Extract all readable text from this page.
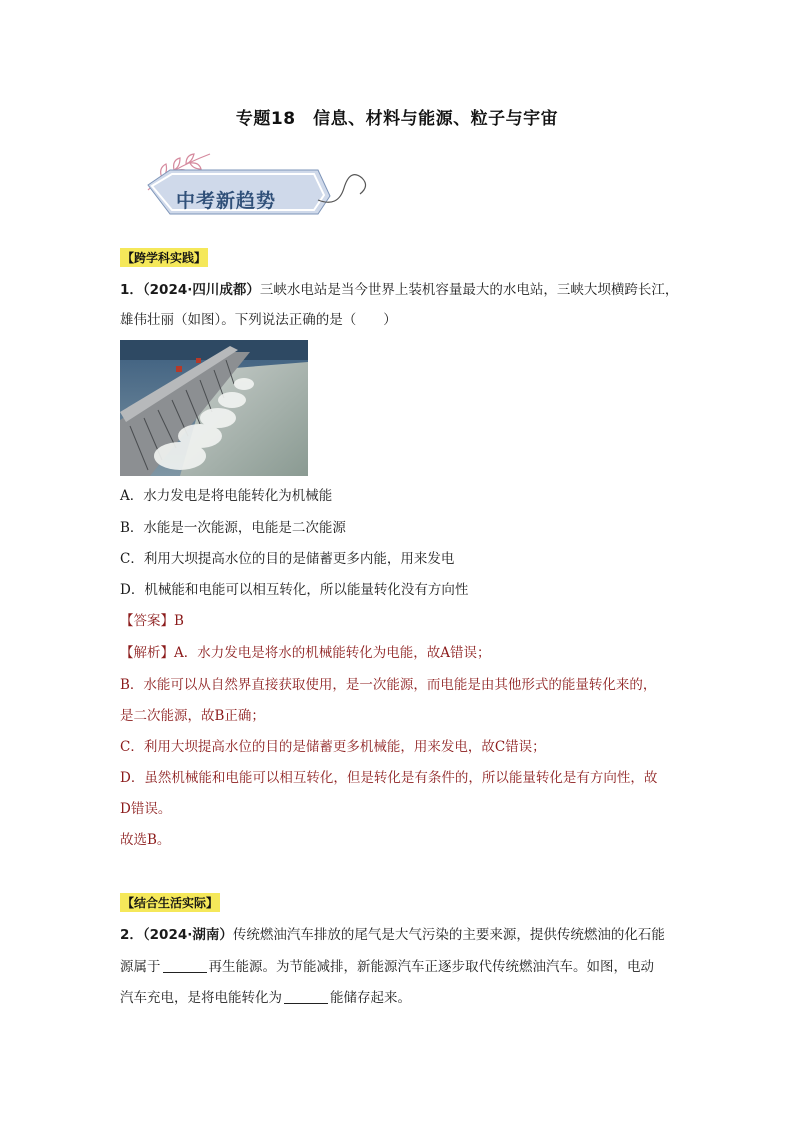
专题18　信息、材料与能源、粒子与宇宙
中考新趋势
【跨学科实践】
1．（2024·四川成都）三峡水电站是当今世界上装机容量最大的水电站，三峡大坝横跨长江，
雄伟壮丽（如图）。下列说法正确的是（　　）
A．水力发电是将电能转化为机械能
B．水能是一次能源，电能是二次能源
C．利用大坝提高水位的目的是储蓄更多内能，用来发电
D．机械能和电能可以相互转化，所以能量转化没有方向性
【答案】B
【解析】A．水力发电是将水的机械能转化为电能，故A错误；
B．水能可以从自然界直接获取使用，是一次能源，而电能是由其他形式的能量转化来的，
是二次能源，故B正确；
C．利用大坝提高水位的目的是储蓄更多机械能，用来发电，故C错误；
D．虽然机械能和电能可以相互转化，但是转化是有条件的，所以能量转化是有方向性，故
D错误。
故选B。
【结合生活实际】
2．（2024·湖南）传统燃油汽车排放的尾气是大气污染的主要来源，提供传统燃油的化石能
源属于	再生能源。为节能减排，新能源汽车正逐步取代传统燃油汽车。如图，电动
汽车充电，是将电能转化为	能储存起来。
